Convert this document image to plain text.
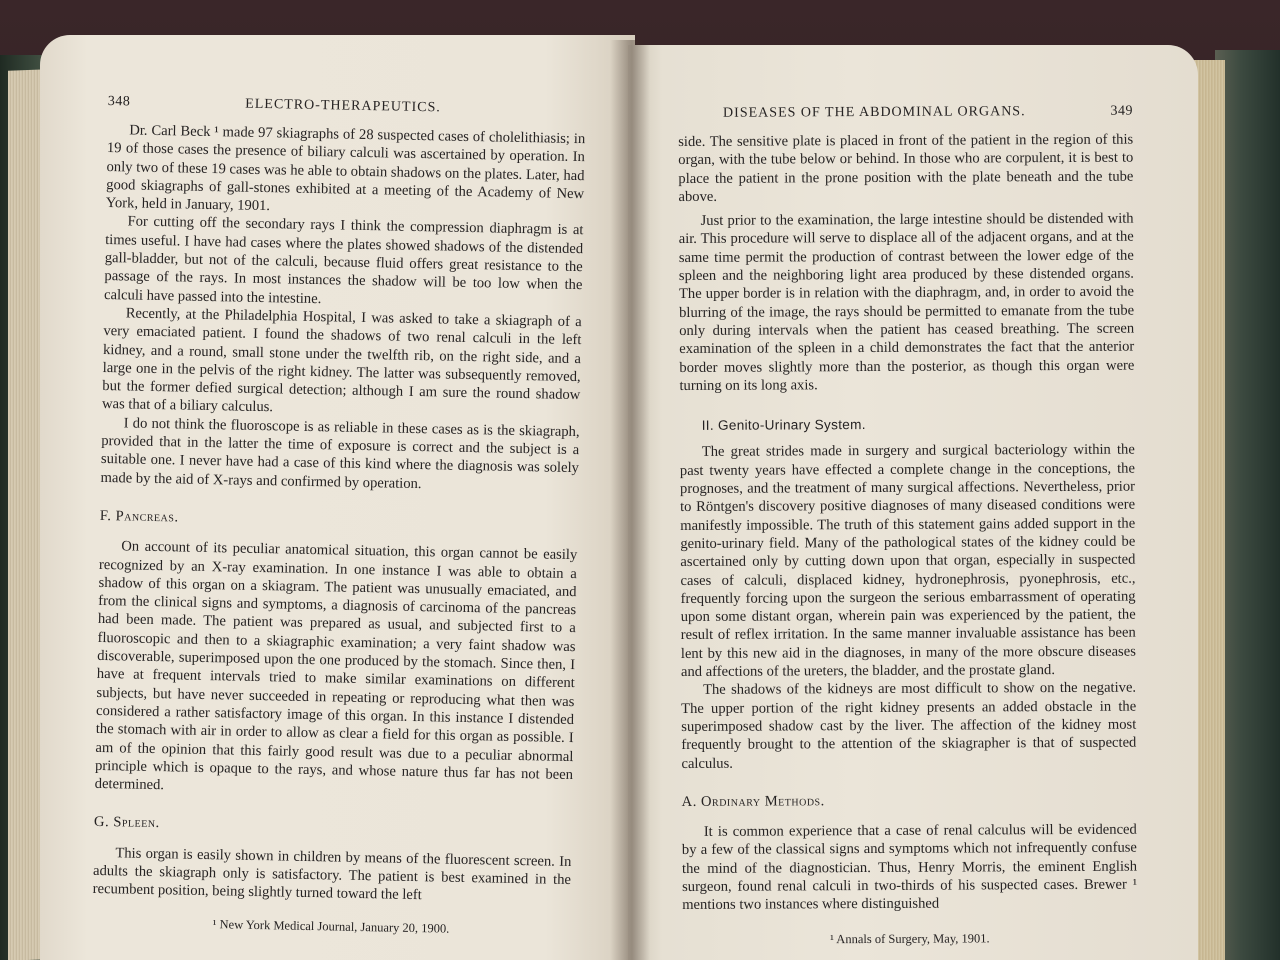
348	ELECTRO-THERAPEUTICS.

Dr. Carl Beck ¹ made 97 skiagraphs of 28 suspected cases of cholelithiasis; in 19 of those cases the presence of biliary calculi was ascertained by operation. In only two of these 19 cases was he able to obtain shadows on the plates. Later, had good skiagraphs of gall-stones exhibited at a meeting of the Academy of New York, held in January, 1901.

For cutting off the secondary rays I think the compression diaphragm is at times useful. I have had cases where the plates showed shadows of the distended gall-bladder, but not of the calculi, because fluid offers great resistance to the passage of the rays. In most instances the shadow will be too low when the calculi have passed into the intestine.

Recently, at the Philadelphia Hospital, I was asked to take a skiagraph of a very emaciated patient. I found the shadows of two renal calculi in the left kidney, and a round, small stone under the twelfth rib, on the right side, and a large one in the pelvis of the right kidney. The latter was subsequently removed, but the former defied surgical detection; although I am sure the round shadow was that of a biliary calculus.

I do not think the fluoroscope is as reliable in these cases as is the skiagraph, provided that in the latter the time of exposure is correct and the subject is a suitable one. I never have had a case of this kind where the diagnosis was solely made by the aid of X-rays and confirmed by operation.

F. Pancreas.

On account of its peculiar anatomical situation, this organ cannot be easily recognized by an X-ray examination. In one instance I was able to obtain a shadow of this organ on a skiagram. The patient was unusually emaciated, and from the clinical signs and symptoms, a diagnosis of carcinoma of the pancreas had been made. The patient was prepared as usual, and subjected first to a fluoroscopic and then to a skiagraphic examination; a very faint shadow was discoverable, superimposed upon the one produced by the stomach. Since then, I have at frequent intervals tried to make similar examinations on different subjects, but have never succeeded in repeating or reproducing what then was considered a rather satisfactory image of this organ. In this instance I distended the stomach with air in order to allow as clear a field for this organ as possible. I am of the opinion that this fairly good result was due to a peculiar abnormal principle which is opaque to the rays, and whose nature thus far has not been determined.

G. Spleen.

This organ is easily shown in children by means of the fluorescent screen. In adults the skiagraph only is satisfactory. The patient is best examined in the recumbent position, being slightly turned toward the left

¹ New York Medical Journal, January 20, 1900.
DISEASES OF THE ABDOMINAL ORGANS.	349

side. The sensitive plate is placed in front of the patient in the region of this organ, with the tube below or behind. In those who are corpulent, it is best to place the patient in the prone position with the plate beneath and the tube above.

Just prior to the examination, the large intestine should be distended with air. This procedure will serve to displace all of the adjacent organs, and at the same time permit the production of contrast between the lower edge of the spleen and the neighboring light area produced by these distended organs. The upper border is in relation with the diaphragm, and, in order to avoid the blurring of the image, the rays should be permitted to emanate from the tube only during intervals when the patient has ceased breathing. The screen examination of the spleen in a child demonstrates the fact that the anterior border moves slightly more than the posterior, as though this organ were turning on its long axis.

II. Genito-Urinary System.

The great strides made in surgery and surgical bacteriology within the past twenty years have effected a complete change in the conceptions, the prognoses, and the treatment of many surgical affections. Nevertheless, prior to Röntgen's discovery positive diagnoses of many diseased conditions were manifestly impossible. The truth of this statement gains added support in the genito-urinary field. Many of the pathological states of the kidney could be ascertained only by cutting down upon that organ, especially in suspected cases of calculi, displaced kidney, hydronephrosis, pyonephrosis, etc., frequently forcing upon the surgeon the serious embarrassment of operating upon some distant organ, wherein pain was experienced by the patient, the result of reflex irritation. In the same manner invaluable assistance has been lent by this new aid in the diagnoses, in many of the more obscure diseases and affections of the ureters, the bladder, and the prostate gland.

The shadows of the kidneys are most difficult to show on the negative. The upper portion of the right kidney presents an added obstacle in the superimposed shadow cast by the liver. The affection of the kidney most frequently brought to the attention of the skiagrapher is that of suspected calculus.

A. Ordinary Methods.

It is common experience that a case of renal calculus will be evidenced by a few of the classical signs and symptoms which not infrequently confuse the mind of the diagnostician. Thus, Henry Morris, the eminent English surgeon, found renal calculi in two-thirds of his suspected cases. Brewer ¹ mentions two instances where distinguished

¹ Annals of Surgery, May, 1901.
